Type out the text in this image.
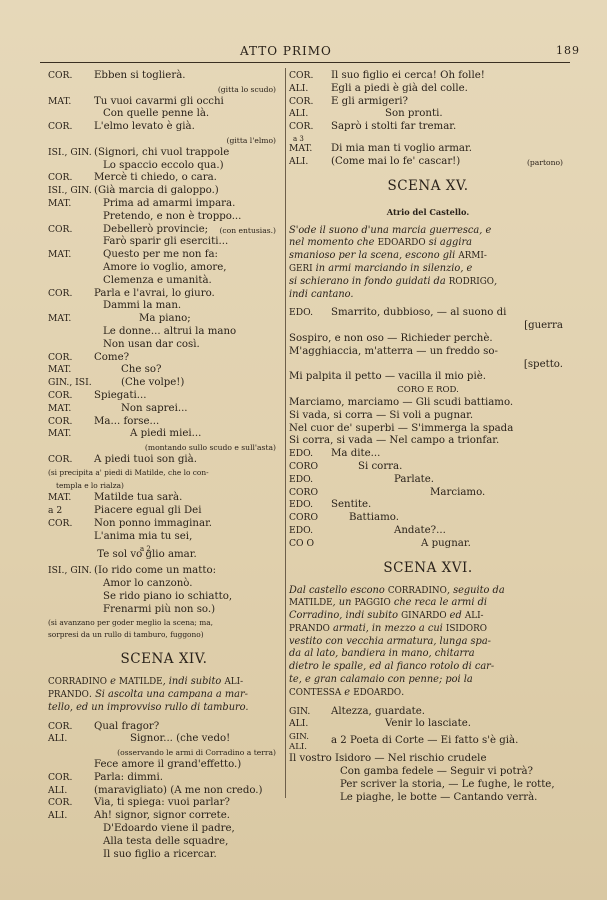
ATTO PRIMO	189
COR. Ebben si toglierà.
(gitta lo scudo)
MAT. Tu vuoi cavarmi gli occhi
Con quelle penne là.
COR. L'elmo levato è già.
(gitta l'elmo)
ISI., GIN. (Signori, chi vuol trappole
Lo spaccio eccolo qua.)
COR. Mercè ti chiedo, o cara.
ISI., GIN. (Già marcia di galoppo.)
MAT.	Prima ad amarmi impara.
Pretendo, e non è troppo...
COR.	Debellerò provincie; (con entusias.)
Farò sparir gli eserciti...
MAT.	Questo per me non fa:
Amore io voglio, amore,
Clemenza e umanità.
COR. Parla e l'avrai, lo giuro.
Dammi la man.
MAT.	Ma piano;
Le donne... altrui la mano
Non usan dar così.
COR. Come?
MAT.	Che so?
GIN., ISI.	(Che volpe!)
COR. Spiegati...
MAT.	Non saprei...
COR. Ma... forse...
MAT.	A piedi miei...
(montando sullo scudo e sull'asta)
COR. A piedi tuoi son già.
(si precipita a' piedi di Matilde, che lo con-
templa e lo rialza)
MAT. Matilde tua sarà.
a 2	Piacere egual gli Dei
COR. Non ponno immaginar.
L'anima mia tu sei,
Te sol a 2
vo glio amar.
ISI., GIN. (Io rido come un matto:
Amor lo canzonò.
Se rido piano io schiatto,
Frenarmi più non so.)
(si avanzano per goder meglio la scena; ma,
sorpresi da un rullo di tamburo, fuggono)
SCENA XIV.
CORRADINO e MATILDE, indi subito ALI-
PRANDO. Si ascolta una campana a mar-
tello, ed un improvviso rullo di tamburo.
COR. Qual fragor?
ALI.	Signor... (che vedo!
(osservando le armi di Corradino a terra)
Fece amore il grand'effetto.)
COR. Parla: dimmi.
ALI.	(maravigliato) (A me non credo.)
COR. Via, ti spiega: vuoi parlar?
ALI.	Ah! signor, signor correte.
D'Edoardo viene il padre,
Alla testa delle squadre,
Il suo figlio a ricercar.
COR. Il suo figlio ei cerca! Oh folle!
ALI. Egli a piedi è già del colle.
COR. E gli armigeri?
ALI.	Son pronti.
COR. Saprò i stolti far tremar.
a 3
MAT. Di mia man ti voglio armar.
ALI. (Come mai lo fe' cascar!)	(partono)
SCENA XV.
Atrio del Castello.
S'ode il suono d'una marcia guerresca, e
nel momento che EDOARDO si aggira
smanioso per la scena, escono gli ARMI-
GERI in armi marciando in silenzio, e
si schierano in fondo guidati da RODRIGO,
indi cantano.
EDO. Smarrito, dubbioso, — al suono di
[guerra
Sospiro, e non oso — Richieder perchè.
M'agghiaccia, m'atterra — un freddo so-
[spetto.
Mi palpita il petto — vacilla il mio piè.
CORO E ROD.
Marciamo, marciamo — Gli scudi battiamo.
Si vada, si corra — Si voli a pugnar.
Nel cuor de' superbi — S'immerga la spada
Si corra, si vada — Nel campo a trionfar.
EDO. Ma dite...
CORO	Si corra.
EDO.	Parlate.
CORO	Marciamo.
EDO. Sentite.
CORO	Battiamo.
EDO.	Andate?...
CO O	A pugnar.
SCENA XVI.
Dal castello escono CORRADINO, seguito da
MATILDE, un PAGGIO che reca le armi di
Corradino, indi subito GINARDO ed ALI-
PRANDO armati, in mezzo a cui ISIDORO
vestito con vecchia armatura, lunga spa-
da al lato, bandiera in mano, chitarra
dietro le spalle, ed al fianco rotolo di car-
te, e gran calamaio con penne; poi la
CONTESSA e EDOARDO.
GIN. Altezza, guardate.
ALI.	Venir lo lasciate.
GIN.
ALI.
a 2 Poeta di Corte — Ei fatto s'è già.
Il vostro Isidoro — Nel rischio crudele
Con gamba fedele — Seguir vi potrà?
Per scriver la storia, — Le fughe, le rotte,
Le piaghe, le botte — Cantando verrà.
